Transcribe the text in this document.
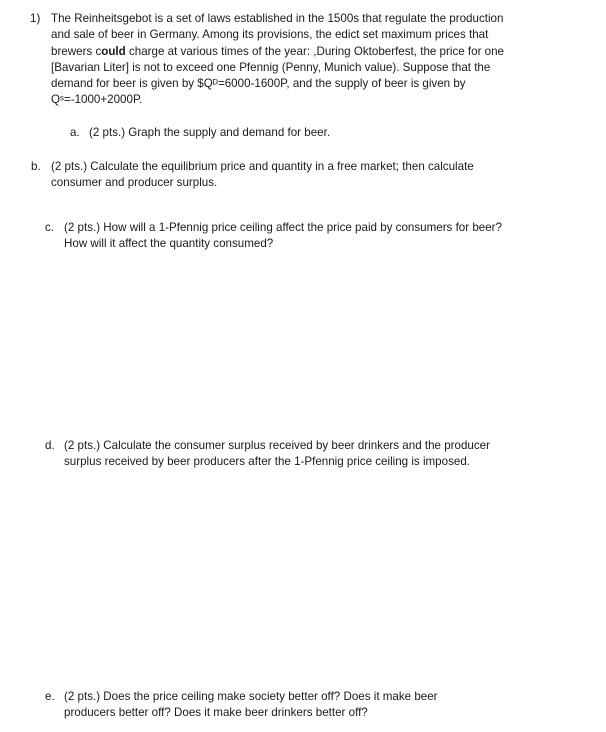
1) The Reinheitsgebot is a set of laws established in the 1500s that regulate the production and sale of beer in Germany. Among its provisions, the edict set maximum prices that brewers could charge at various times of the year: ,During Oktoberfest, the price for one [Bavarian Liter] is not to exceed one Pfennig (Penny, Munich value). Suppose that the demand for beer is given by $Qᴰ=6000-1600P, and the supply of beer is given by Qˢ=-1000+2000P.

a. (2 pts.) Graph the supply and demand for beer.

b. (2 pts.) Calculate the equilibrium price and quantity in a free market; then calculate consumer and producer surplus.

c. (2 pts.) How will a 1-Pfennig price ceiling affect the price paid by consumers for beer? How will it affect the quantity consumed?

d. (2 pts.) Calculate the consumer surplus received by beer drinkers and the producer surplus received by beer producers after the 1-Pfennig price ceiling is imposed.

e. (2 pts.) Does the price ceiling make society better off? Does it make beer producers better off? Does it make beer drinkers better off?
